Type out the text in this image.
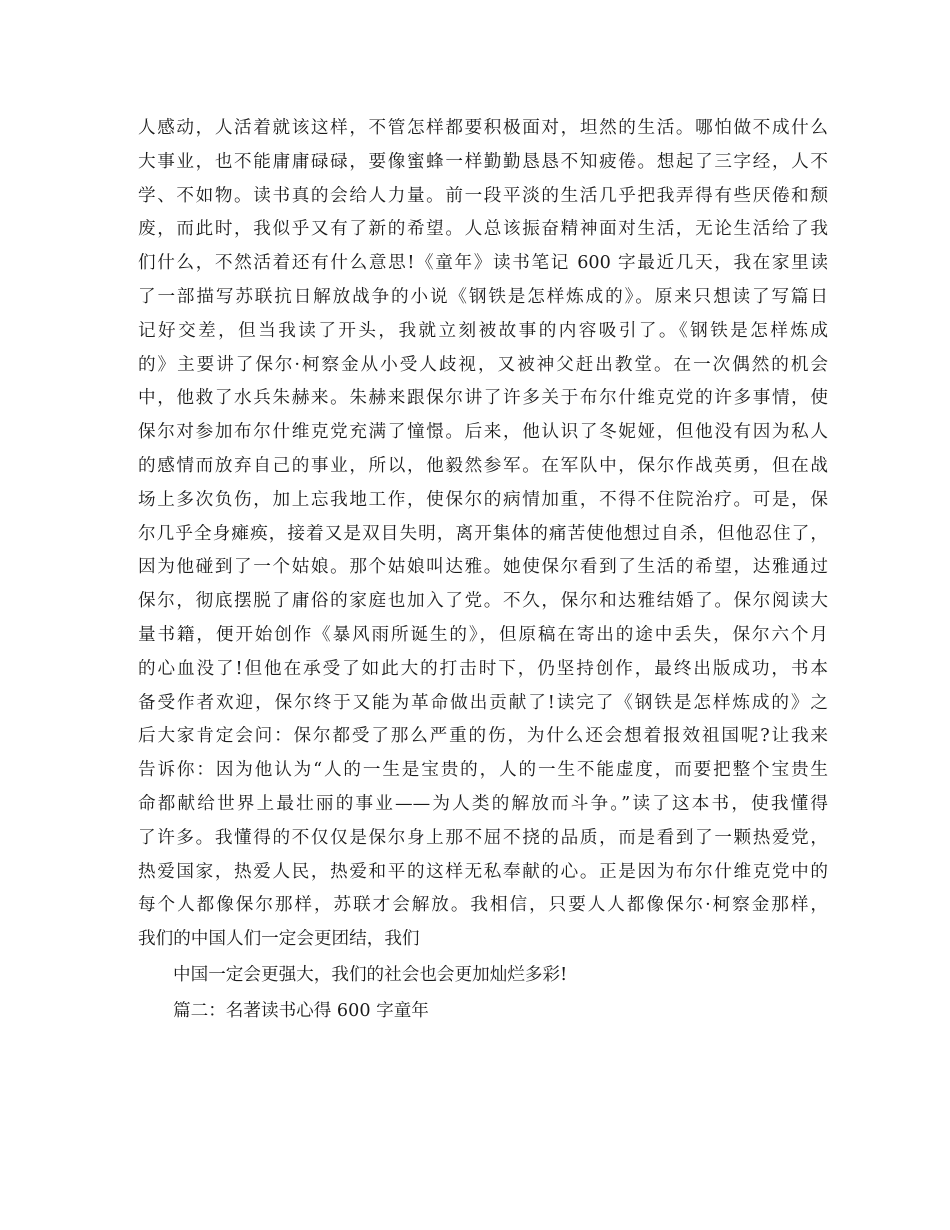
人感动，人活着就该这样，不管怎样都要积极面对，坦然的生活。哪怕做不成什么
大事业，也不能庸庸碌碌，要像蜜蜂一样勤勤恳恳不知疲倦。想起了三字经，人不
学、不如物。读书真的会给人力量。前一段平淡的生活几乎把我弄得有些厌倦和颓
废，而此时，我似乎又有了新的希望。人总该振奋精神面对生活，无论生活给了我
们什么，不然活着还有什么意思!《童年》读书笔记 600 字最近几天，我在家里读
了一部描写苏联抗日解放战争的小说《钢铁是怎样炼成的》。原来只想读了写篇日
记好交差，但当我读了开头，我就立刻被故事的内容吸引了。《钢铁是怎样炼成
的》主要讲了保尔·柯察金从小受人歧视，又被神父赶出教堂。在一次偶然的机会
中，他救了水兵朱赫来。朱赫来跟保尔讲了许多关于布尔什维克党的许多事情，使
保尔对参加布尔什维克党充满了憧憬。后来，他认识了冬妮娅，但他没有因为私人
的感情而放弃自己的事业，所以，他毅然参军。在军队中，保尔作战英勇，但在战
场上多次负伤，加上忘我地工作，使保尔的病情加重，不得不住院治疗。可是，保
尔几乎全身瘫痪，接着又是双目失明，离开集体的痛苦使他想过自杀，但他忍住了，
因为他碰到了一个姑娘。那个姑娘叫达雅。她使保尔看到了生活的希望，达雅通过
保尔，彻底摆脱了庸俗的家庭也加入了党。不久，保尔和达雅结婚了。保尔阅读大
量书籍，便开始创作《暴风雨所诞生的》，但原稿在寄出的途中丢失，保尔六个月
的心血没了!但他在承受了如此大的打击时下，仍坚持创作，最终出版成功，书本
备受作者欢迎，保尔终于又能为革命做出贡献了!读完了《钢铁是怎样炼成的》之
后大家肯定会问：保尔都受了那么严重的伤，为什么还会想着报效祖国呢?让我来
告诉你：因为他认为“人的一生是宝贵的，人的一生不能虚度，而要把整个宝贵生
命都献给世界上最壮丽的事业——为人类的解放而斗争。”读了这本书，使我懂得
了许多。我懂得的不仅仅是保尔身上那不屈不挠的品质，而是看到了一颗热爱党，
热爱国家，热爱人民，热爱和平的这样无私奉献的心。正是因为布尔什维克党中的
每个人都像保尔那样，苏联才会解放。我相信，只要人人都像保尔·柯察金那样，
我们的中国人们一定会更团结，我们
中国一定会更强大，我们的社会也会更加灿烂多彩!
篇二：名著读书心得 600 字童年
